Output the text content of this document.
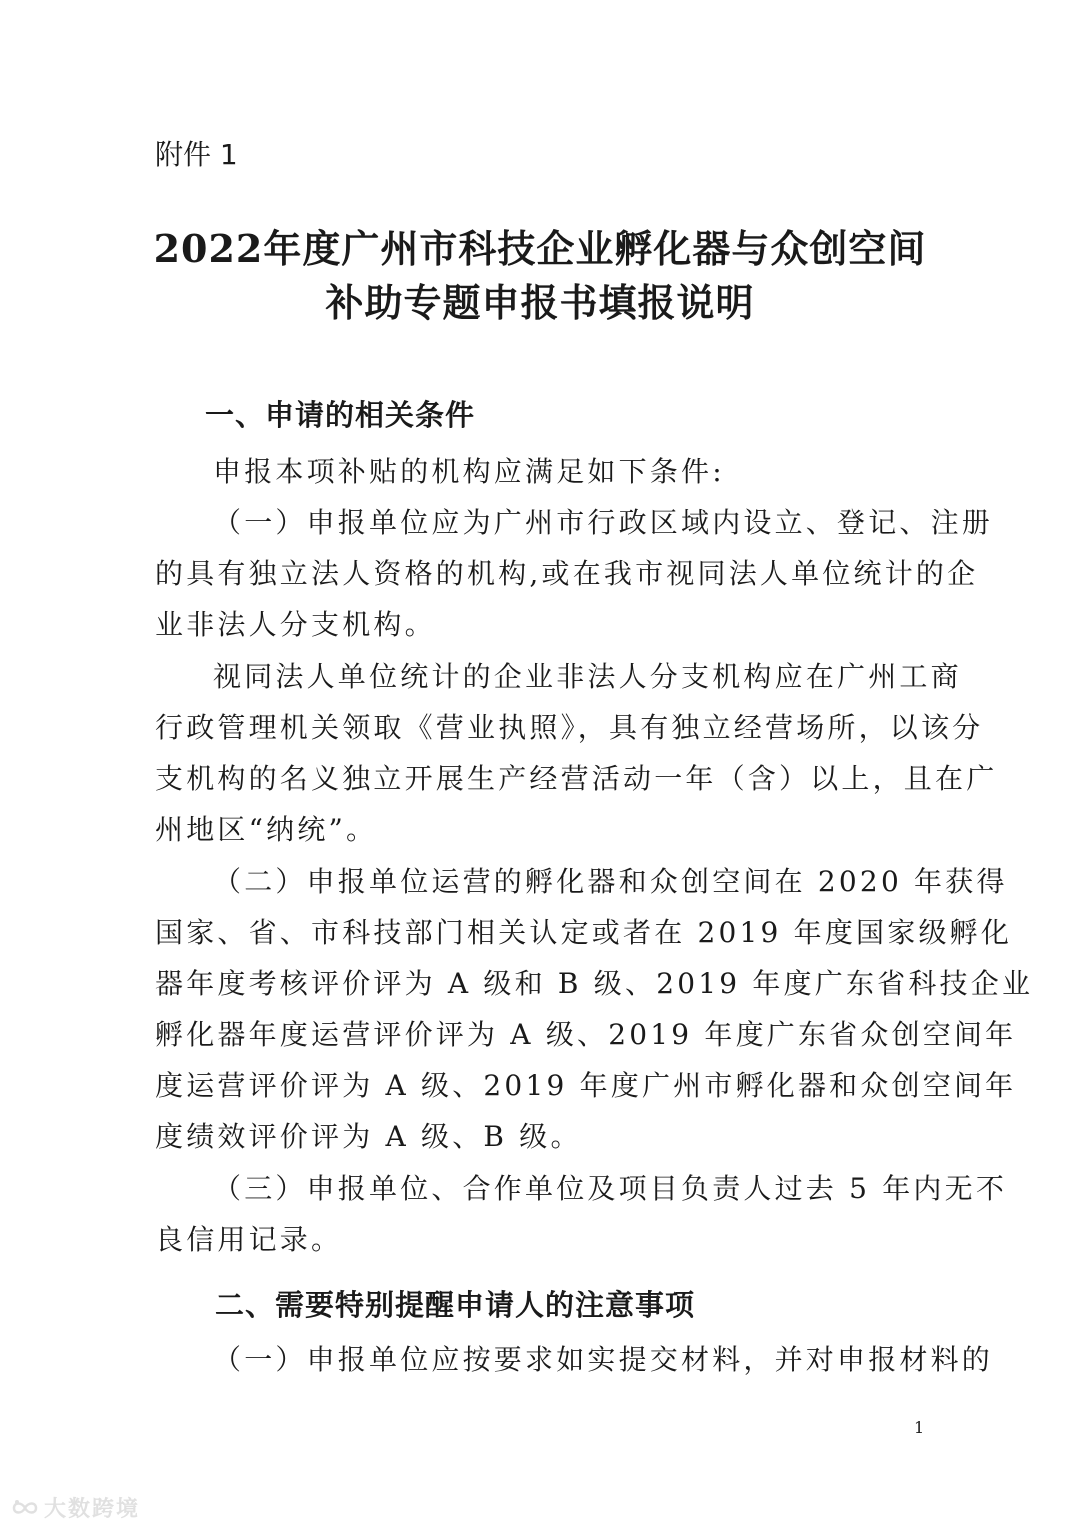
附件 1
2022年度广州市科技企业孵化器与众创空间
补助专题申报书填报说明
一、申请的相关条件
申报本项补贴的机构应满足如下条件:
（一）申报单位应为广州市行政区域内设立、登记、注册
的具有独立法人资格的机构,或在我市视同法人单位统计的企
业非法人分支机构。
视同法人单位统计的企业非法人分支机构应在广州工商
行政管理机关领取《营业执照》，具有独立经营场所，以该分
支机构的名义独立开展生产经营活动一年（含）以上，且在广
州地区“纳统”。
（二）申报单位运营的孵化器和众创空间在 2020 年获得
国家、省、市科技部门相关认定或者在 2019 年度国家级孵化
器年度考核评价评为 A 级和 B 级、2019 年度广东省科技企业
孵化器年度运营评价评为 A 级、2019 年度广东省众创空间年
度运营评价评为 A 级、2019 年度广州市孵化器和众创空间年
度绩效评价评为 A 级、B 级。
（三）申报单位、合作单位及项目负责人过去 5 年内无不
良信用记录。
二、需要特别提醒申请人的注意事项
（一）申报单位应按要求如实提交材料，并对申报材料的
1
大数跨境
